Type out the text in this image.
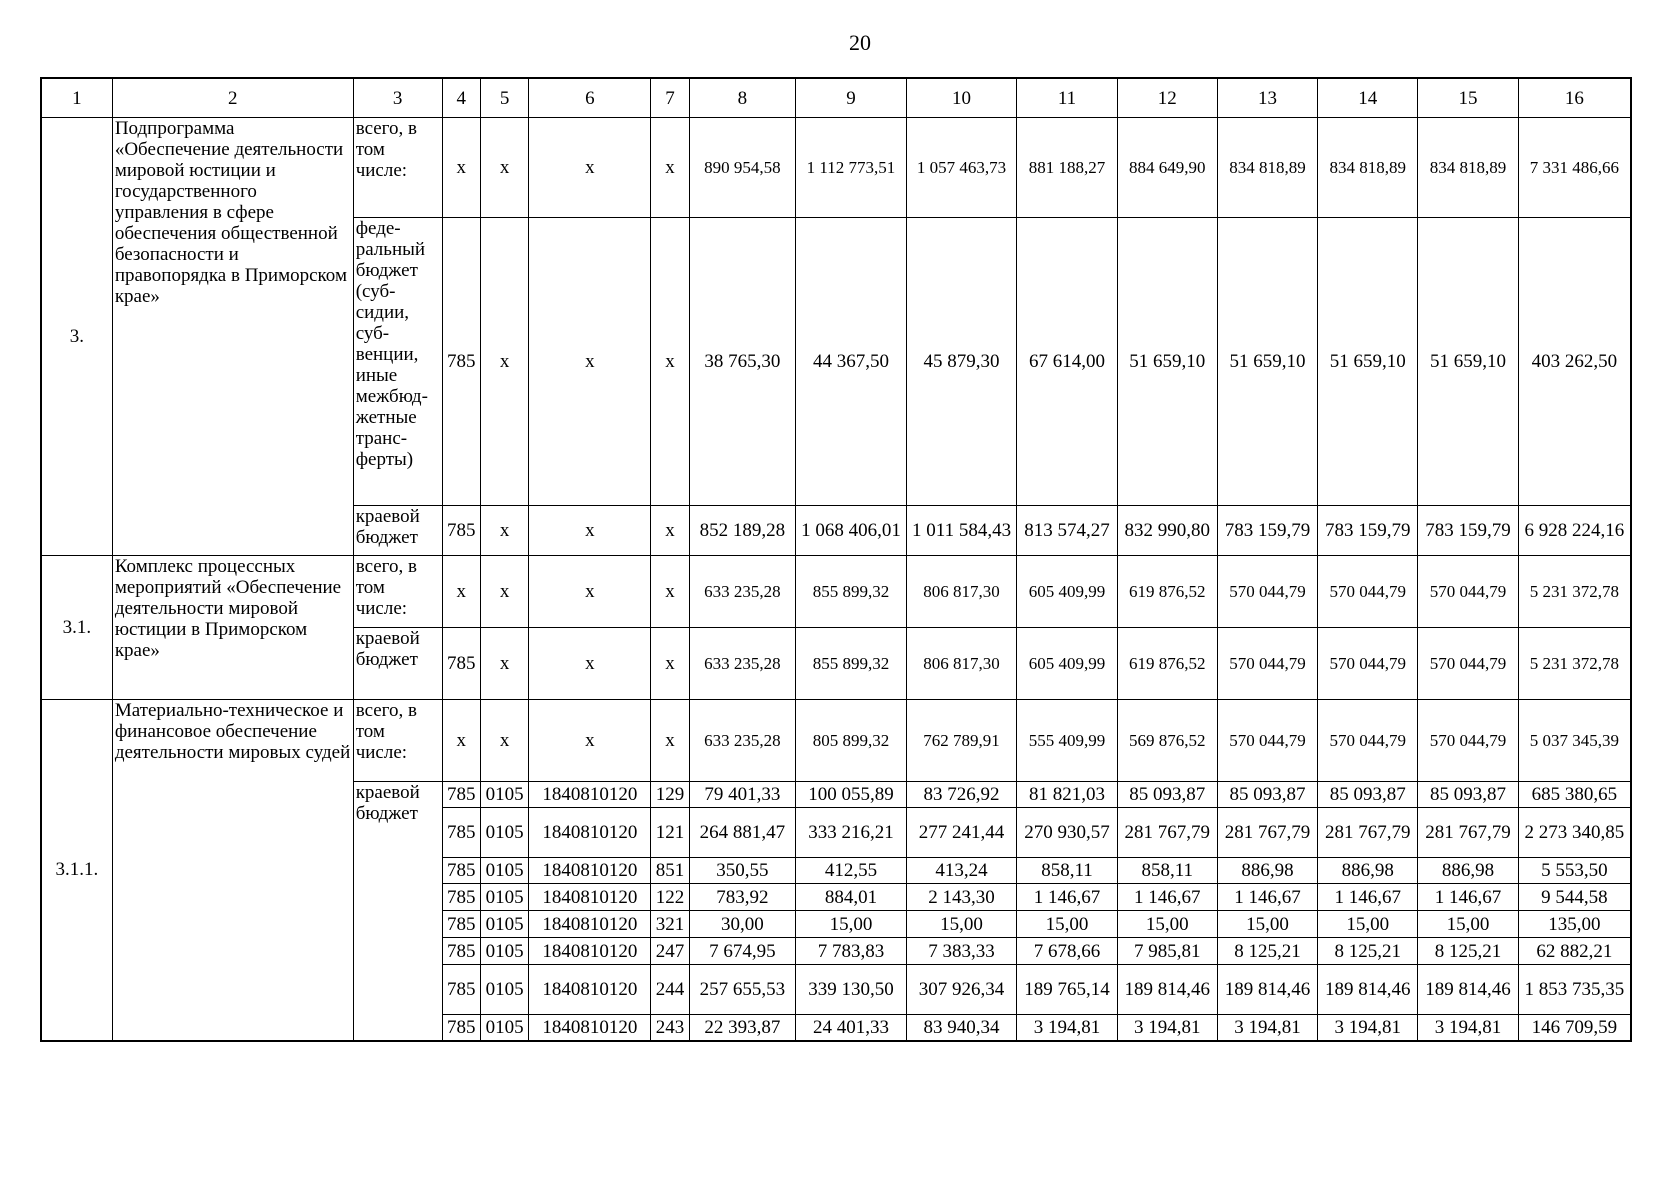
20
1	2	3	4	5	6	7	8	9	10	11	12	13	14	15	16
3.	Подпрограмма «Обеспечение деятельности мировой юстиции и государственного управления в сфере обеспечения общественной безопасности и правопорядка в Приморском крае»	всего, в том числе:	x	x	x	x	890 954,58	1 112 773,51	1 057 463,73	881 188,27	884 649,90	834 818,89	834 818,89	834 818,89	7 331 486,66
		феде-ральный бюджет (суб-сидии, суб-венции, иные межбюд-жетные транс-ферты)	785	x	x	x	38 765,30	44 367,50	45 879,30	67 614,00	51 659,10	51 659,10	51 659,10	51 659,10	403 262,50
		краевой бюджет	785	x	x	x	852 189,28	1 068 406,01	1 011 584,43	813 574,27	832 990,80	783 159,79	783 159,79	783 159,79	6 928 224,16
3.1.	Комплекс процессных мероприятий «Обеспечение деятельности мировой юстиции в Приморском крае»	всего, в том числе:	x	x	x	x	633 235,28	855 899,32	806 817,30	605 409,99	619 876,52	570 044,79	570 044,79	570 044,79	5 231 372,78
		краевой бюджет	785	x	x	x	633 235,28	855 899,32	806 817,30	605 409,99	619 876,52	570 044,79	570 044,79	570 044,79	5 231 372,78
3.1.1.	Материально-техническое и финансовое обеспечение деятельности мировых судей	всего, в том числе:	x	x	x	x	633 235,28	805 899,32	762 789,91	555 409,99	569 876,52	570 044,79	570 044,79	570 044,79	5 037 345,39
		краевой бюджет	785	0105	1840810120	129	79 401,33	100 055,89	83 726,92	81 821,03	85 093,87	85 093,87	85 093,87	85 093,87	685 380,65
			785	0105	1840810120	121	264 881,47	333 216,21	277 241,44	270 930,57	281 767,79	281 767,79	281 767,79	281 767,79	2 273 340,85
			785	0105	1840810120	851	350,55	412,55	413,24	858,11	858,11	886,98	886,98	886,98	5 553,50
			785	0105	1840810120	122	783,92	884,01	2 143,30	1 146,67	1 146,67	1 146,67	1 146,67	1 146,67	9 544,58
			785	0105	1840810120	321	30,00	15,00	15,00	15,00	15,00	15,00	15,00	15,00	135,00
			785	0105	1840810120	247	7 674,95	7 783,83	7 383,33	7 678,66	7 985,81	8 125,21	8 125,21	8 125,21	62 882,21
			785	0105	1840810120	244	257 655,53	339 130,50	307 926,34	189 765,14	189 814,46	189 814,46	189 814,46	189 814,46	1 853 735,35
			785	0105	1840810120	243	22 393,87	24 401,33	83 940,34	3 194,81	3 194,81	3 194,81	3 194,81	3 194,81	146 709,59
